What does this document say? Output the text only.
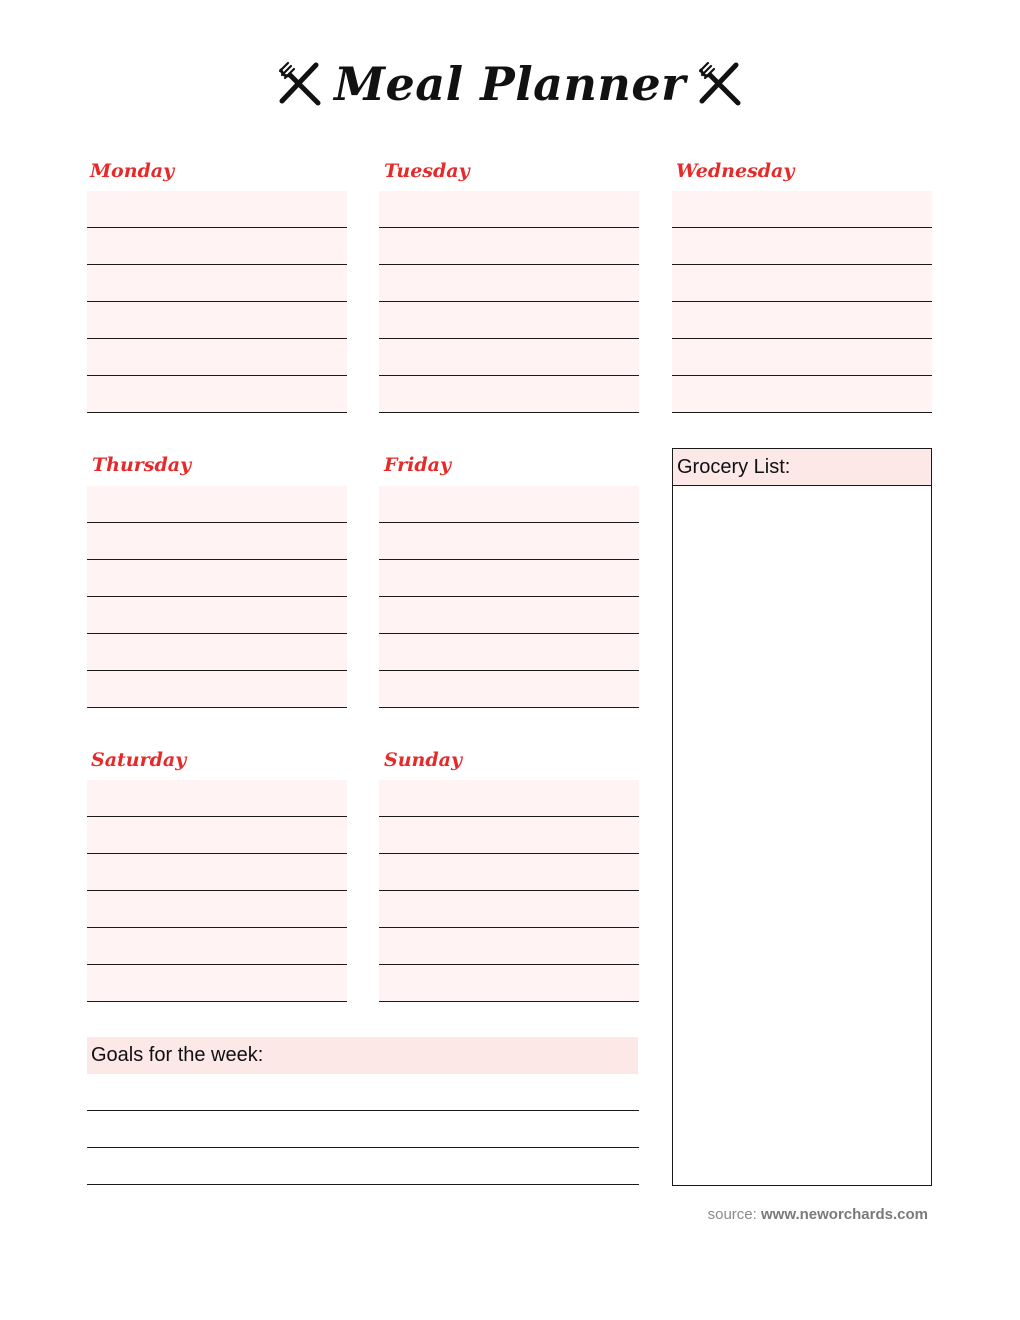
Meal Planner
Monday	Tuesday	Wednesday
Thursday	Friday
Saturday	Sunday
Grocery List:
Goals for the week:
source: www.neworchards.com
